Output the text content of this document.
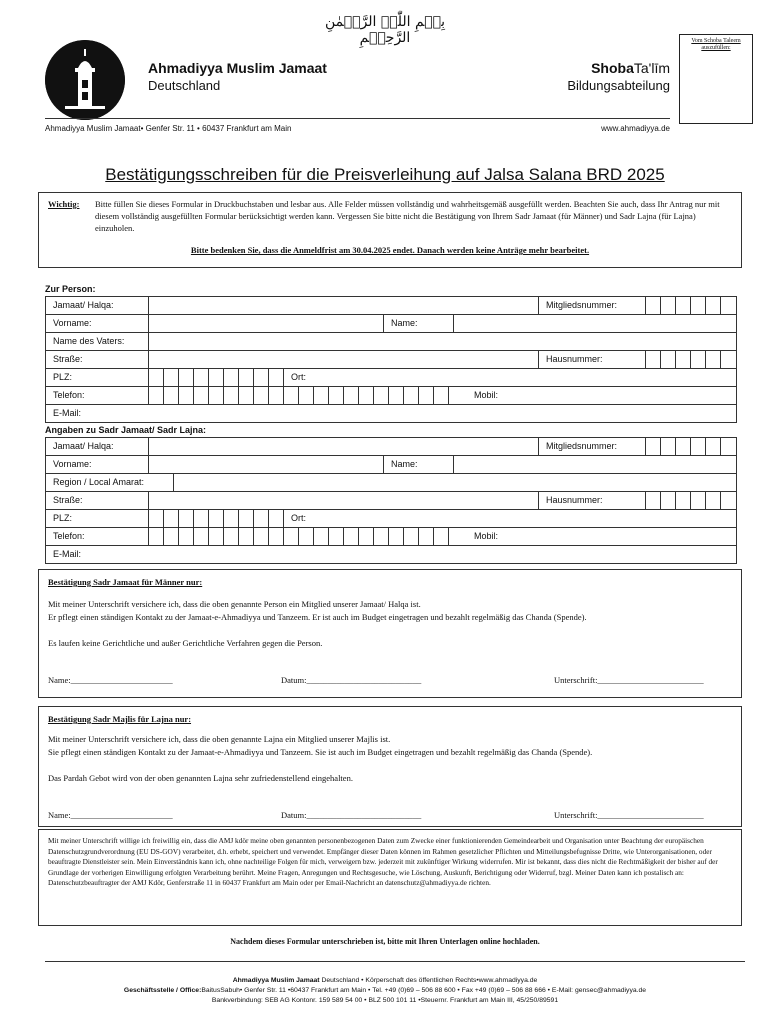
بِسۡمِ اللّٰہِ الرَّحۡمٰنِ الرَّحِیۡمِ
Ahmadiyya Muslim Jamaat
Deutschland
ShobaTa'līm
Bildungsabteilung
Vom Schoba Taleem auszufüllen:
Ahmadiyya Muslim Jamaat• Genfer Str. 11 • 60437 Frankfurt am Main	www.ahmadiyya.de
Bestätigungsschreiben für die Preisverleihung auf Jalsa Salana BRD 2025
Wichtig: Bitte füllen Sie dieses Formular in Druckbuchstaben und lesbar aus. Alle Felder müssen vollständig und wahrheitsgemäß ausgefüllt werden. Beachten Sie auch, dass Ihr Antrag nur mit diesem vollständig ausgefüllten Formular berücksichtigt werden kann. Vergessen Sie bitte nicht die Bestätigung von Ihrem Sadr Jamaat (für Männer) und Sadr Lajna (für Lajna) einzuholen.
Bitte bedenken Sie, dass die Anmeldfrist am 30.04.2025 endet. Danach werden keine Anträge mehr bearbeitet.
Zur Person:
Jamaat/ Halqa:	Mitgliedsnummer:
Vorname:	Name:
Name des Vaters:
Straße:	Hausnummer:
PLZ:	Ort:
Telefon:	Mobil:
E-Mail:
Angaben zu Sadr Jamaat/ Sadr Lajna:
Jamaat/ Halqa:	Mitgliedsnummer:
Vorname:	Name:
Region / Local Amarat:
Straße:	Hausnummer:
PLZ:	Ort:
Telefon:	Mobil:
E-Mail:
Bestätigung Sadr Jamaat für Männer nur:
Mit meiner Unterschrift versichere ich, dass die oben genannte Person ein Mitglied unserer Jamaat/ Halqa ist.
Er pflegt einen ständigen Kontakt zu der Jamaat-e-Ahmadiyya und Tanzeem. Er ist auch im Budget eingetragen und bezahlt regelmäßig das Chanda (Spende).
Es laufen keine Gerichtliche und außer Gerichtliche Verfahren gegen die Person.
Name:________________________	Datum:___________________________	Unterschrift:_________________________
Bestätigung Sadr Majlis für Lajna nur:
Mit meiner Unterschrift versichere ich, dass die oben genannte Lajna ein Mitglied unserer Majlis ist.
Sie pflegt einen ständigen Kontakt zu der Jamaat-e-Ahmadiyya und Tanzeem. Sie ist auch im Budget eingetragen und bezahlt regelmäßig das Chanda (Spende).
Das Pardah Gebot wird von der oben genannten Lajna sehr zufriedenstellend eingehalten.
Name:________________________	Datum:___________________________	Unterschrift:_________________________
Mit meiner Unterschrift willige ich freiwillig ein, dass die AMJ kdör meine oben genannten personenbezogenen Daten zum Zwecke einer funktionierenden Gemeindearbeit und Organisation unter Beachtung der europäischen Datenschutzgrundverordnung (EU DS-GOV) verarbeitet, d.h. erhebt, speichert und verwendet. Empfänger dieser Daten können im Rahmen gesetzlicher Pflichten und Mitteilungsbefugnisse Dritte, wie Unterorganisationen, oder beauftragte Dienstleister sein. Mein Einverständnis kann ich, ohne nachteilige Folgen für mich, verweigern bzw. jederzeit mit zukünftiger Wirkung widerrufen. Mir ist bekannt, dass dies nicht die Rechtmäßigkeit der bisher auf der Grundlage der vorherigen Einwilligung erfolgten Verarbeitung berührt. Meine Fragen, Anregungen und Rechtsgesuche, wie Löschung, Auskunft, Berichtigung oder Widerruf, bzgl. Meiner Daten kann ich postalisch an: Datenschutzbeauftragter der AMJ Kdör, Genferstraße 11 in 60437 Frankfurt am Main oder per Email-Nachricht an datenschutz@ahmadiyya.de richten.
Nachdem dieses Formular unterschrieben ist, bitte mit Ihren Unterlagen online hochladen.
Ahmadiyya Muslim Jamaat Deutschland • Körperschaft des öffentlichen Rechts•www.ahmadiyya.de
Geschäftsstelle / Office:BaitusSabuh• Genfer Str. 11 •60437 Frankfurt am Main • Tel. +49 (0)69 – 506 88 600 • Fax +49 (0)69 – 506 88 666 • E-Mail: gensec@ahmadiyya.de
Bankverbindung: SEB AG Kontonr. 159 589 54 00 • BLZ 500 101 11 •Steuernr. Frankfurt am Main III, 45/250/89591
